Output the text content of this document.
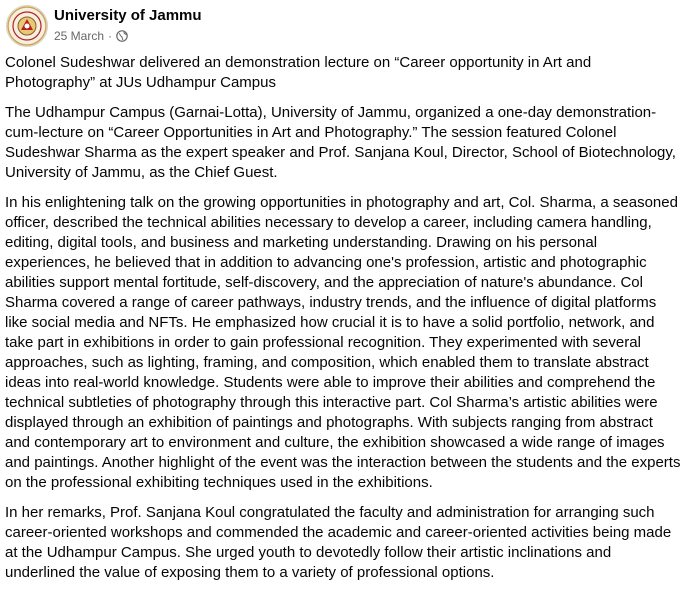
University of Jammu
25 March ·

Colonel Sudeshwar delivered an demonstration lecture on “Career opportunity in Art and Photography” at JUs Udhampur Campus

The Udhampur Campus (Garnai-Lotta), University of Jammu, organized a one-day demonstration-cum-lecture on “Career Opportunities in Art and Photography.” The session featured Colonel Sudeshwar Sharma as the expert speaker and Prof. Sanjana Koul, Director, School of Biotechnology, University of Jammu, as the Chief Guest.

In his enlightening talk on the growing opportunities in photography and art, Col. Sharma, a seasoned officer, described the technical abilities necessary to develop a career, including camera handling, editing, digital tools, and business and marketing understanding. Drawing on his personal experiences, he believed that in addition to advancing one's profession, artistic and photographic abilities support mental fortitude, self-discovery, and the appreciation of nature's abundance. Col Sharma covered a range of career pathways, industry trends, and the influence of digital platforms like social media and NFTs. He emphasized how crucial it is to have a solid portfolio, network, and take part in exhibitions in order to gain professional recognition. They experimented with several approaches, such as lighting, framing, and composition, which enabled them to translate abstract ideas into real-world knowledge. Students were able to improve their abilities and comprehend the technical subtleties of photography through this interactive part. Col Sharma’s artistic abilities were displayed through an exhibition of paintings and photographs. With subjects ranging from abstract and contemporary art to environment and culture, the exhibition showcased a wide range of images and paintings. Another highlight of the event was the interaction between the students and the experts on the professional exhibiting techniques used in the exhibitions.

In her remarks, Prof. Sanjana Koul congratulated the faculty and administration for arranging such career-oriented workshops and commended the academic and career-oriented activities being made at the Udhampur Campus. She urged youth to devotedly follow their artistic inclinations and underlined the value of exposing them to a variety of professional options.
